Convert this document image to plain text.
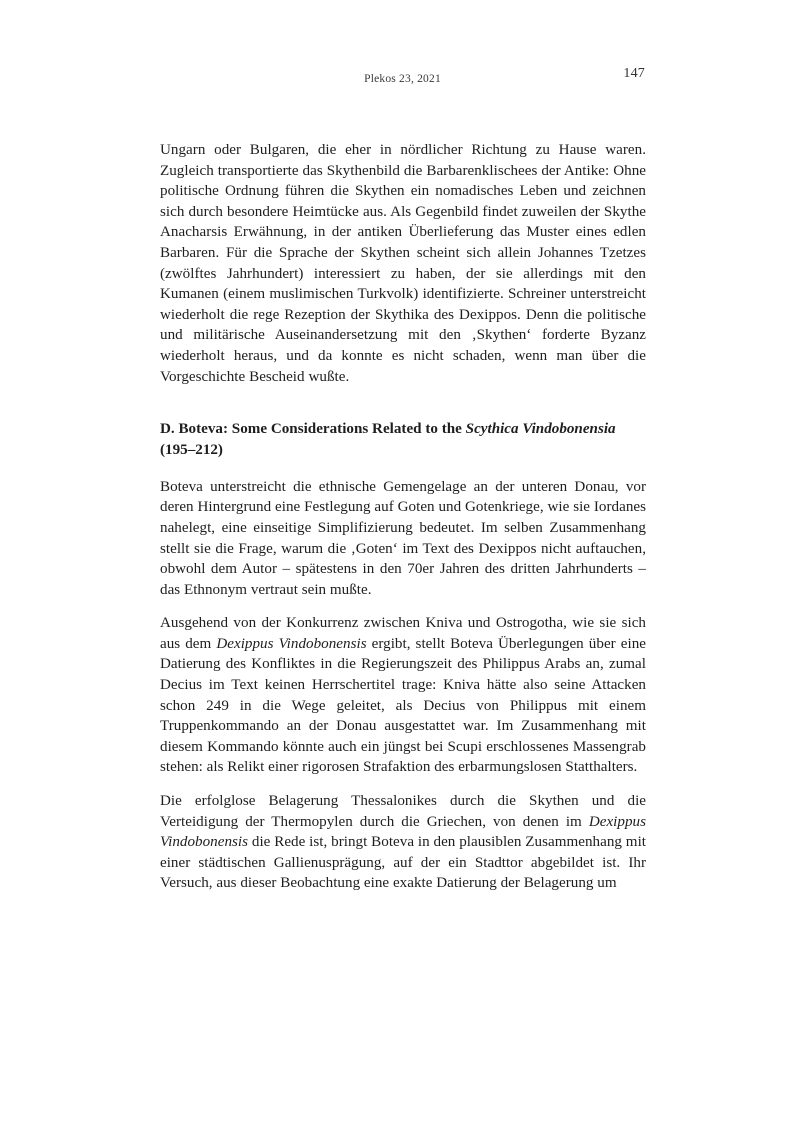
Plekos 23, 2021	147

Ungarn oder Bulgaren, die eher in nördlicher Richtung zu Hause waren. Zugleich transportierte das Skythenbild die Barbarenklischees der Antike: Ohne politische Ordnung führen die Skythen ein nomadisches Leben und zeichnen sich durch besondere Heimtücke aus. Als Gegenbild findet zuweilen der Skythe Anacharsis Erwähnung, in der antiken Überlieferung das Muster eines edlen Barbaren. Für die Sprache der Skythen scheint sich allein Johannes Tzetzes (zwölftes Jahrhundert) interessiert zu haben, der sie allerdings mit den Kumanen (einem muslimischen Turkvolk) identifizierte. Schreiner unterstreicht wiederholt die rege Rezeption der Skythika des Dexippos. Denn die politische und militärische Auseinandersetzung mit den ‚Skythen‘ forderte Byzanz wiederholt heraus, und da konnte es nicht schaden, wenn man über die Vorgeschichte Bescheid wußte.

D. Boteva: Some Considerations Related to the Scythica Vindobonensia (195–212)

Boteva unterstreicht die ethnische Gemengelage an der unteren Donau, vor deren Hintergrund eine Festlegung auf Goten und Gotenkriege, wie sie Iordanes nahelegt, eine einseitige Simplifizierung bedeutet. Im selben Zusammenhang stellt sie die Frage, warum die ‚Goten‘ im Text des Dexippos nicht auftauchen, obwohl dem Autor – spätestens in den 70er Jahren des dritten Jahrhunderts – das Ethnonym vertraut sein mußte.

Ausgehend von der Konkurrenz zwischen Kniva und Ostrogotha, wie sie sich aus dem Dexippus Vindobonensis ergibt, stellt Boteva Überlegungen über eine Datierung des Konfliktes in die Regierungszeit des Philippus Arabs an, zumal Decius im Text keinen Herrschertitel trage: Kniva hätte also seine Attacken schon 249 in die Wege geleitet, als Decius von Philippus mit einem Truppenkommando an der Donau ausgestattet war. Im Zusammenhang mit diesem Kommando könnte auch ein jüngst bei Scupi erschlossenes Massengrab stehen: als Relikt einer rigorosen Strafaktion des erbarmungslosen Statthalters.

Die erfolglose Belagerung Thessalonikes durch die Skythen und die Verteidigung der Thermopylen durch die Griechen, von denen im Dexippus Vindobonensis die Rede ist, bringt Boteva in den plausiblen Zusammenhang mit einer städtischen Gallienusprägung, auf der ein Stadttor abgebildet ist. Ihr Versuch, aus dieser Beobachtung eine exakte Datierung der Belagerung um
